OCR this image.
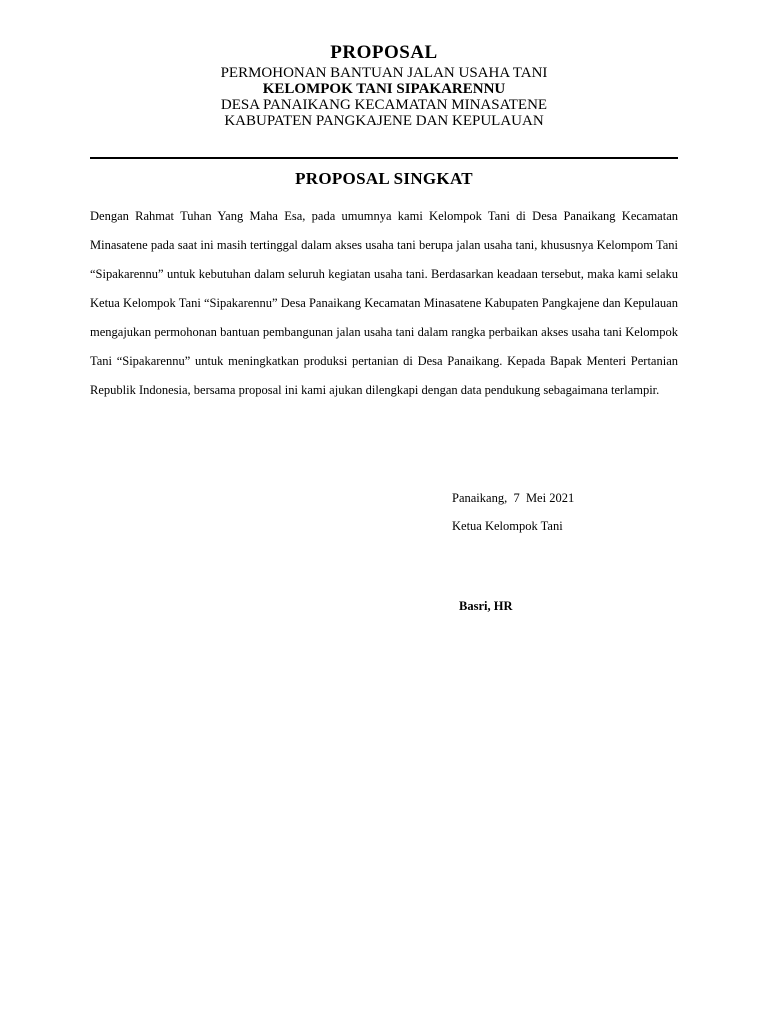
PROPOSAL
PERMOHONAN BANTUAN JALAN USAHA TANI
KELOMPOK TANI SIPAKARENNU
DESA PANAIKANG KECAMATAN MINASATENE
KABUPATEN PANGKAJENE DAN KEPULAUAN
PROPOSAL SINGKAT

Dengan Rahmat Tuhan Yang Maha Esa, pada umumnya kami Kelompok Tani di Desa Panaikang Kecamatan Minasatene pada saat ini masih tertinggal dalam akses usaha tani berupa jalan usaha tani, khususnya Kelompom Tani “Sipakarennu” untuk kebutuhan dalam seluruh kegiatan usaha tani. Berdasarkan keadaan tersebut, maka kami selaku Ketua Kelompok Tani “Sipakarennu” Desa Panaikang Kecamatan Minasatene Kabupaten Pangkajene dan Kepulauan mengajukan permohonan bantuan pembangunan jalan usaha tani dalam rangka perbaikan akses usaha tani Kelompok Tani “Sipakarennu” untuk meningkatkan produksi pertanian di Desa Panaikang. Kepada Bapak Menteri Pertanian Republik Indonesia, bersama proposal ini kami ajukan dilengkapi dengan data pendukung sebagaimana terlampir.

Panaikang,  7  Mei 2021
Ketua Kelompok Tani
Basri, HR
